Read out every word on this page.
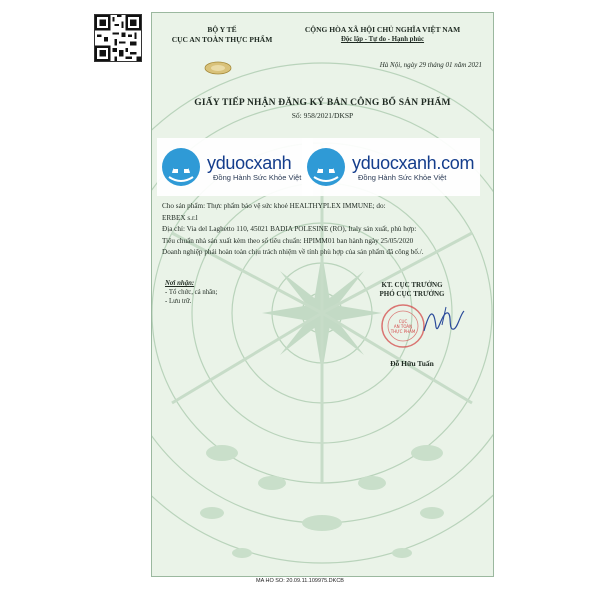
BỘ Y TẾ
CỤC AN TOÀN THỰC PHẨM
CỘNG HÒA XÃ HỘI CHỦ NGHĨA VIỆT NAM
Độc lập - Tự do - Hạnh phúc
Hà Nội, ngày 29 tháng 01 năm 2021
GIẤY TIẾP NHẬN ĐĂNG KÝ BẢN CÔNG BỐ SẢN PHẨM
Số: 958/2021/DKSP
Cho sản phẩm: Thực phẩm bảo vệ sức khoẻ HEALTHYPLEX IMMUNE; do:
ERBEX s.r.l
Địa chỉ: Via del Laghetto 110, 45021 BADIA POLESINE (RO), Italy sản xuất, phù hợp:
Tiêu chuẩn nhà sản xuất kèm theo số tiêu chuẩn: HPIMM01 ban hành ngày 25/05/2020
Doanh nghiệp phải hoàn toàn chịu trách nhiệm về tính phù hợp của sản phẩm đã công bố./.
Nơi nhận:
- Tổ chức, cá nhân;
- Lưu trữ.
KT. CỤC TRƯỞNG
PHÓ CỤC TRƯỞNG
CỤC
AN TOÀN
THỰC PHẨM
Đỗ Hữu Tuấn
yduocxanh
Đồng Hành Sức Khỏe Việt
yduocxanh.com
Đồng Hành Sức Khỏe Việt
MA HO SO: 20.09.11.109975.DKCB
